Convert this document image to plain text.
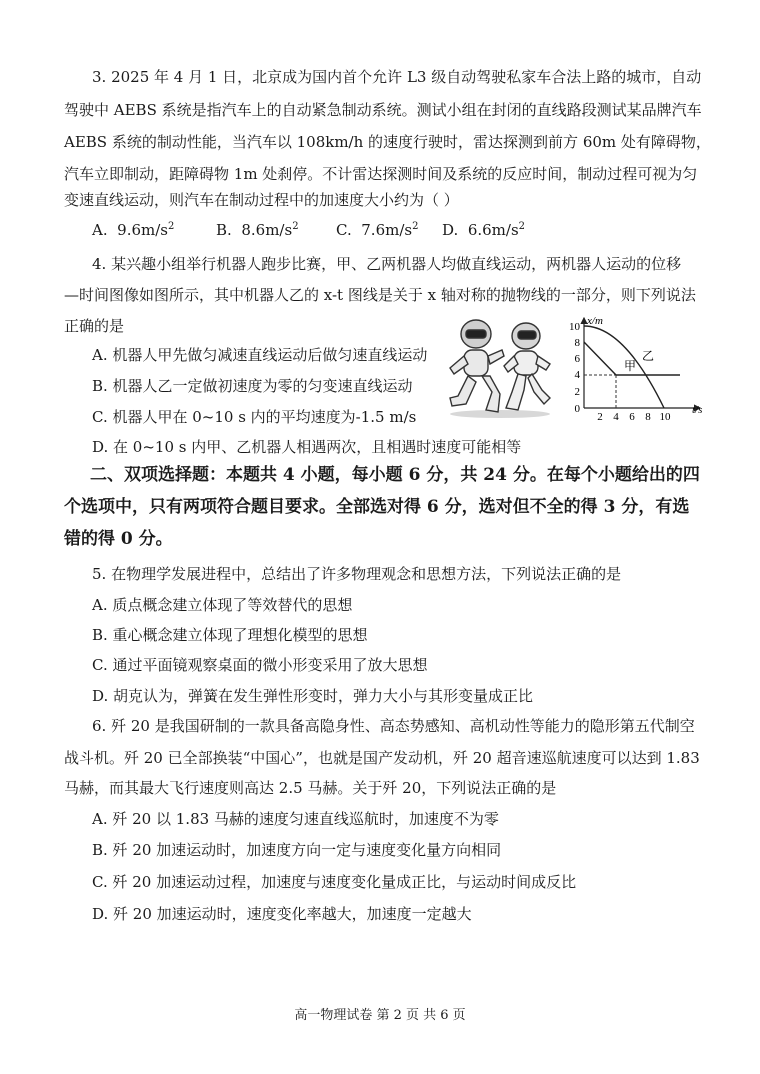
3. 2025 年 4 月 1 日，北京成为国内首个允许 L3 级自动驾驶私家车合法上路的城市，自动
驾驶中 AEBS 系统是指汽车上的自动紧急制动系统。测试小组在封闭的直线路段测试某品牌汽车
AEBS 系统的制动性能，当汽车以 108km/h 的速度行驶时，雷达探测到前方 60m 处有障碍物，
汽车立即制动，距障碍物 1m 处刹停。不计雷达探测时间及系统的反应时间，制动过程可视为匀
变速直线运动，则汽车在制动过程中的加速度大小约为（ ）
A. $9.6m/s^2$	B. $8.6m/s^2$ C. $7.6m/s^2$ D. $6.6m/s^2$
4. 某兴趣小组举行机器人跑步比赛，甲、乙两机器人均做直线运动，两机器人运动的位移
—时间图像如图所示，其中机器人乙的 x-t 图线是关于 x 轴对称的抛物线的一部分，则下列说法
正确的是
A. 机器人甲先做匀减速直线运动后做匀速直线运动
B. 机器人乙一定做初速度为零的匀变速直线运动
C. 机器人甲在 0~10 s 内的平均速度为-1.5 m/s
D. 在 0~10 s 内甲、乙机器人相遇两次，且相遇时速度可能相等
x/m
t/s
0
2
4
6
8
10
2 4 6 8 10
甲
乙
二、双项选择题：本题共 4 小题，每小题 6 分，共 24 分。在每个小题给出的四
个选项中，只有两项符合题目要求。全部选对得 6 分，选对但不全的得 3 分，有选
错的得 0 分。
5. 在物理学发展进程中，总结出了许多物理观念和思想方法，下列说法正确的是
A. 质点概念建立体现了等效替代的思想
B. 重心概念建立体现了理想化模型的思想
C. 通过平面镜观察桌面的微小形变采用了放大思想
D. 胡克认为，弹簧在发生弹性形变时，弹力大小与其形变量成正比
6. 歼 20 是我国研制的一款具备高隐身性、高态势感知、高机动性等能力的隐形第五代制空
战斗机。歼 20 已全部换装“中国心”，也就是国产发动机，歼 20 超音速巡航速度可以达到 1.83
马赫，而其最大飞行速度则高达 2.5 马赫。关于歼 20，下列说法正确的是
A. 歼 20 以 1.83 马赫的速度匀速直线巡航时，加速度不为零
B. 歼 20 加速运动时，加速度方向一定与速度变化量方向相同
C. 歼 20 加速运动过程，加速度与速度变化量成正比，与运动时间成反比
D. 歼 20 加速运动时，速度变化率越大，加速度一定越大
高一物理试卷 第 2 页 共 6 页
